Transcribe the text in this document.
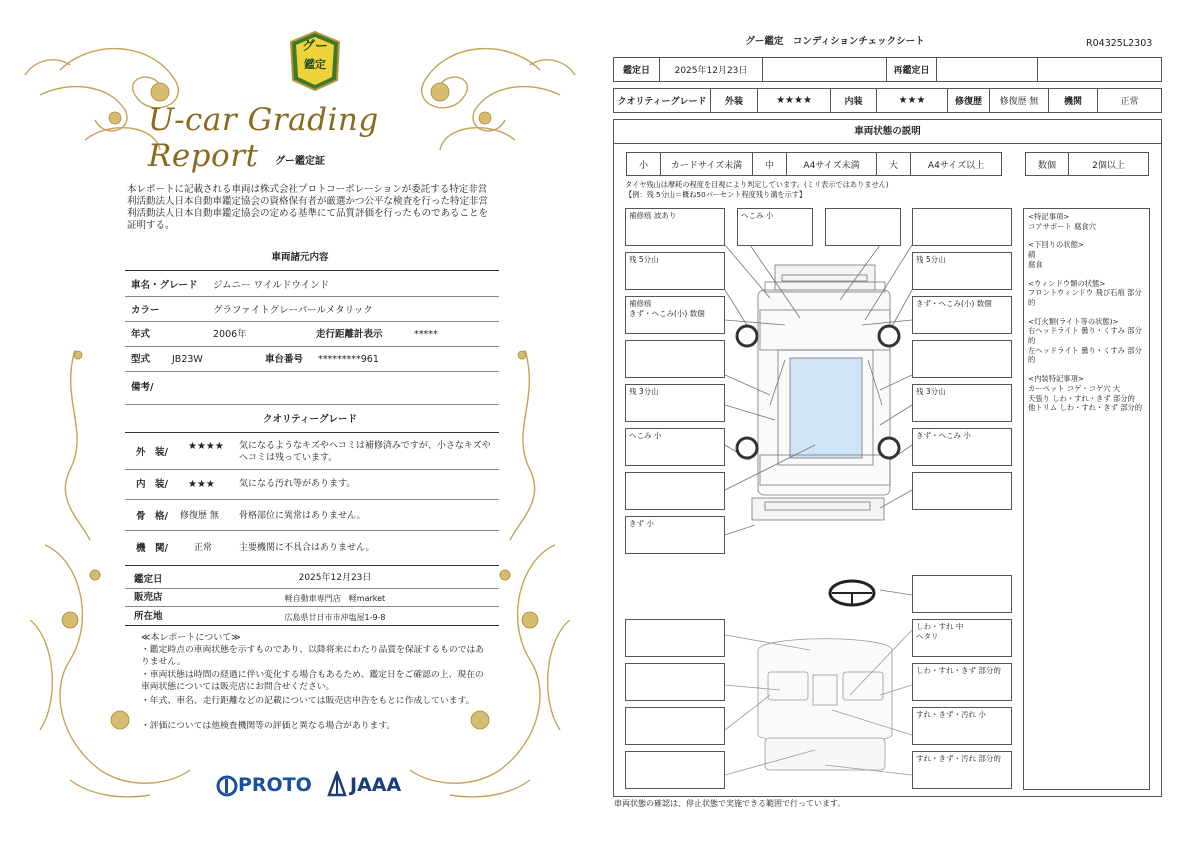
グー
鑑定
U-car Grading Report	グー鑑定証
本レポートに記載される車両は株式会社プロトコーポレーションが委託する特定非営利活動法人日本自動車鑑定協会の資格保有者が厳選かつ公平な検査を行った特定非営利活動法人日本自動車鑑定協会の定める基準にて品質評価を行ったものであることを証明する。
車両諸元内容
車名・グレード ジムニー ワイルドウインド
カラー	グラファイトグレーパールメタリック
年式	2006年	走行距離計表示	*****
型式 JB23W	車台番号 *********961
備考/
クオリティーグレード
外　装/
★★★★ 気になるようなキズやヘコミは補修済みですが、小さなキズやヘコミは残っています。
内　装/ ★★★	気になる汚れ等があります。
骨　格/ 修復歴 無 骨格部位に異常はありません。
機　関/	正常	主要機関に不具合はありません。
鑑定日	2025年12月23日
販売店	軽自動車専門店　軽market
所在地	広島県廿日市市沖塩屋1-9-8
≪本レポートについて≫
・鑑定時点の車両状態を示すものであり、以降将来にわたり品質を保証するものではありません。
・車両状態は時間の経過に伴い変化する場合もあるため、鑑定日をご確認の上、現在の車両状態については販売店にお問合せください。
・年式、車名、走行距離などの記載については販売店申告をもとに作成しています。
・評価については他検査機関等の評価と異なる場合があります。
PROTO JAAA
グー鑑定　コンディションチェックシート	R04325L2303
鑑定日	2025年12月23日	再鑑定日
クオリティーグレード	外装	★★★★	内装	★★★	修復歴	修復歴 無	機関	正常
車両状態の説明
小	カードサイズ未満	中	A4サイズ未満	大	A4サイズ以上	数個	2個以上
タイヤ残山は摩耗の程度を目視により判定しています。(ミリ表示ではありません)
【例：残 5分山＝概ね50パーセント程度残り溝を示す】
補修痕 波あり
残 5分山
補修痕
きず・へこみ(小) 数個
残 3分山
へこみ 小
きず 小
へこみ 小
残 5分山
きず・へこみ(小) 数個
残 3分山
きず・へこみ 小
しわ・すれ 中
ヘタリ
しわ・すれ・きず 部分的
すれ・きず・汚れ 小
すれ・きず・汚れ 部分的
<特記事項>
コアサポート 腐食穴
<下回りの状態>
錆
腐食
<ウィンドウ類の状態>
フロントウィンドウ 飛び石痕 部分的
<灯火類(ライト等の状態)>
右ヘッドライト 曇り・くすみ 部分的
左ヘッドライト 曇り・くすみ 部分的
<内装特記事項>
カーペット コゲ・コゲ穴 大
天張り しわ・すれ・きず 部分的
他トリム しわ・すれ・きず 部分的
車両状態の確認は、停止状態で実施できる範囲で行っています。
